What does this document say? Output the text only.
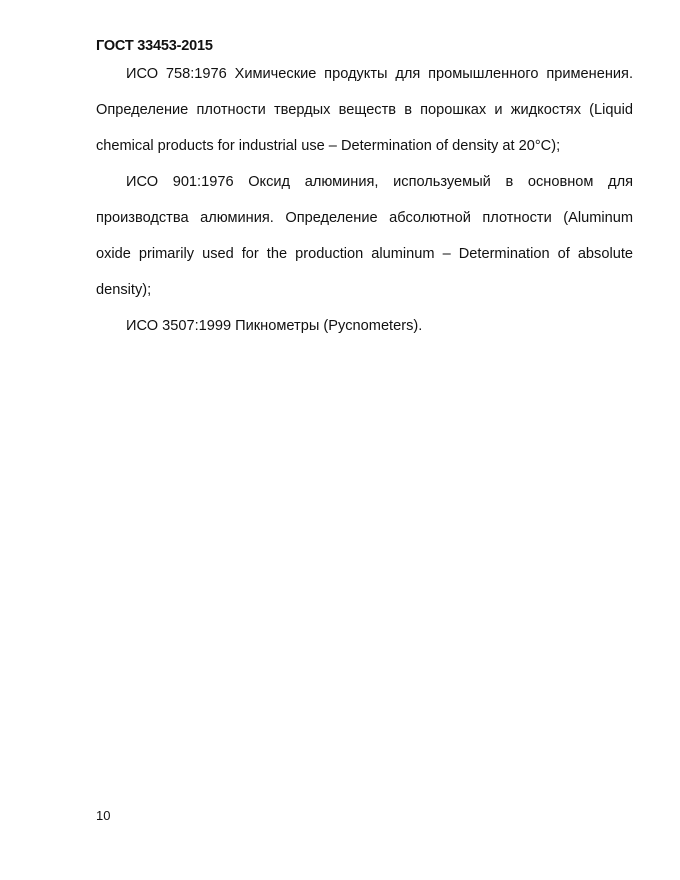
ГОСТ 33453-2015

ИСО 758:1976 Химические продукты для промышленного применения. Определение плотности твердых веществ в порошках и жидкостях (Liquid chemical products for industrial use – Determination of density at 20°С);

ИСО 901:1976 Оксид алюминия, используемый в основном для производства алюминия. Определение абсолютной плотности (Aluminum oxide primarily used for the production aluminum – Determination of absolute density);

ИСО 3507:1999 Пикнометры (Pycnometers).

10
